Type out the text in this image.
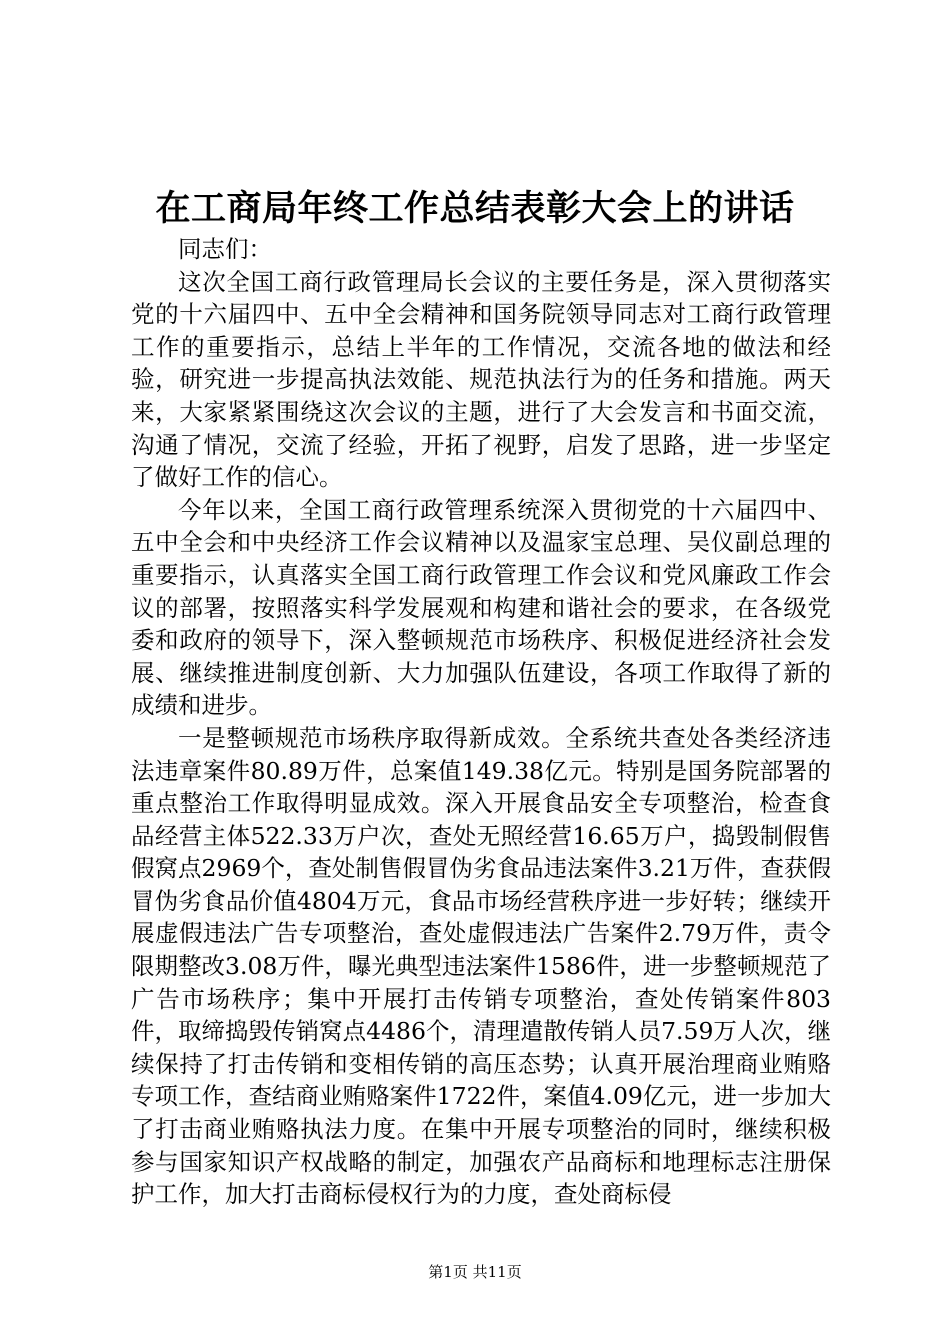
在工商局年终工作总结表彰大会上的讲话

同志们：

这次全国工商行政管理局长会议的主要任务是，深入贯彻落实党的十六届四中、五中全会精神和国务院领导同志对工商行政管理工作的重要指示，总结上半年的工作情况，交流各地的做法和经验，研究进一步提高执法效能、规范执法行为的任务和措施。两天来，大家紧紧围绕这次会议的主题，进行了大会发言和书面交流，沟通了情况，交流了经验，开拓了视野，启发了思路，进一步坚定了做好工作的信心。

今年以来，全国工商行政管理系统深入贯彻党的十六届四中、五中全会和中央经济工作会议精神以及温家宝总理、吴仪副总理的重要指示，认真落实全国工商行政管理工作会议和党风廉政工作会议的部署，按照落实科学发展观和构建和谐社会的要求，在各级党委和政府的领导下，深入整顿规范市场秩序、积极促进经济社会发展、继续推进制度创新、大力加强队伍建设，各项工作取得了新的成绩和进步。

一是整顿规范市场秩序取得新成效。全系统共查处各类经济违法违章案件80.89万件，总案值149.38亿元。特别是国务院部署的重点整治工作取得明显成效。深入开展食品安全专项整治，检查食品经营主体522.33万户次，查处无照经营16.65万户，捣毁制假售假窝点2969个，查处制售假冒伪劣食品违法案件3.21万件，查获假冒伪劣食品价值4804万元，食品市场经营秩序进一步好转；继续开展虚假违法广告专项整治，查处虚假违法广告案件2.79万件，责令限期整改3.08万件，曝光典型违法案件1586件，进一步整顿规范了广告市场秩序；集中开展打击传销专项整治，查处传销案件803件，取缔捣毁传销窝点4486个，清理遣散传销人员7.59万人次，继续保持了打击传销和变相传销的高压态势；认真开展治理商业贿赂专项工作，查结商业贿赂案件1722件，案值4.09亿元，进一步加大了打击商业贿赂执法力度。在集中开展专项整治的同时，继续积极参与国家知识产权战略的制定，加强农产品商标和地理标志注册保护工作，加大打击商标侵权行为的力度，查处商标侵

第1页 共11页
